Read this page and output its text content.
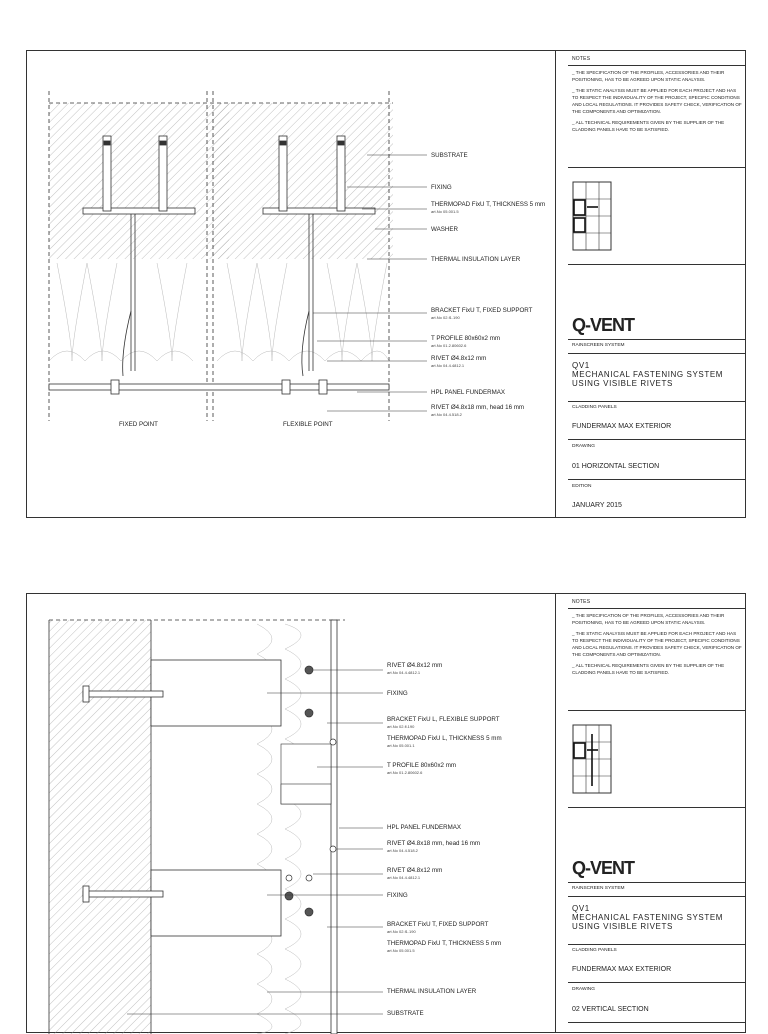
SUBSTRATE
FIXING
THERMOPAD FixU T, THICKNESS 5 mm
art.No 05.001.5
WASHER
THERMAL INSULATION LAYER
BRACKET FixU T, FIXED SUPPORT
art.No 02.f1.190
T PROFILE 80x60x2 mm
art.No 01.2.80602.6
RIVET Ø4.8x12 mm
art.No 04.4.4812.1
HPL PANEL FUNDERMAX
RIVET Ø4.8x18 mm, head 16 mm
art.No 04.4.518.2
FIXED POINT	FLEXIBLE POINT
NOTES

_ THE SPECIFICATION OF THE PROFILES, ACCESSORIES AND THEIR POSITIONING, HAS TO BE AGREED UPON STATIC ANALYSIS.

_ THE STATIC ANALYSIS MUST BE APPLIED FOR EACH PROJECT AND HAS TO RESPECT THE INDIVIDUALITY OF THE PROJECT, SPECIFIC CONDITIONS AND LOCAL REGULATIONS. IT PROVIDES SAFETY CHECK, VERIFICATION OF THE COMPONENTS AND OPTIMIZATION.

_ ALL TECHNICAL REQUIREMENTS GIVEN BY THE SUPPLIER OF THE CLADDING PANELS HAVE TO BE SATISFIED.

Q-VENT
RAINSCREEN SYSTEM
QV1
MECHANICAL FASTENING SYSTEM
USING VISIBLE RIVETS
CLADDING PANELS
FUNDERMAX MAX EXTERIOR
DRAWING
01 HORIZONTAL SECTION
EDITION
JANUARY 2015
RIVET Ø4.8x12 mm
art.No 04.4.4812.1
FIXING
BRACKET FixU L, FLEXIBLE SUPPORT
art.No 02.fl.190
THERMOPAD FixU L, THICKNESS 5 mm
art.No 05.001.1
T PROFILE 80x60x2 mm
art.No 01.2.80602.6
HPL PANEL FUNDERMAX
RIVET Ø4.8x18 mm, head 16 mm
art.No 04.4.518.2
RIVET Ø4.8x12 mm
art.No 04.4.4812.1
FIXING
BRACKET FixU T, FIXED SUPPORT
art.No 02.f1.190
THERMOPAD FixU T, THICKNESS 5 mm
art.No 05.001.5
THERMAL INSULATION LAYER
SUBSTRATE
NOTES

_ THE SPECIFICATION OF THE PROFILES, ACCESSORIES AND THEIR POSITIONING, HAS TO BE AGREED UPON STATIC ANALYSIS.

_ THE STATIC ANALYSIS MUST BE APPLIED FOR EACH PROJECT AND HAS TO RESPECT THE INDIVIDUALITY OF THE PROJECT, SPECIFIC CONDITIONS AND LOCAL REGULATIONS. IT PROVIDES SAFETY CHECK, VERIFICATION OF THE COMPONENTS AND OPTIMIZATION.

_ ALL TECHNICAL REQUIREMENTS GIVEN BY THE SUPPLIER OF THE CLADDING PANELS HAVE TO BE SATISFIED.

Q-VENT
RAINSCREEN SYSTEM
QV1
MECHANICAL FASTENING SYSTEM
USING VISIBLE RIVETS
CLADDING PANELS
FUNDERMAX MAX EXTERIOR
DRAWING
02 VERTICAL SECTION
